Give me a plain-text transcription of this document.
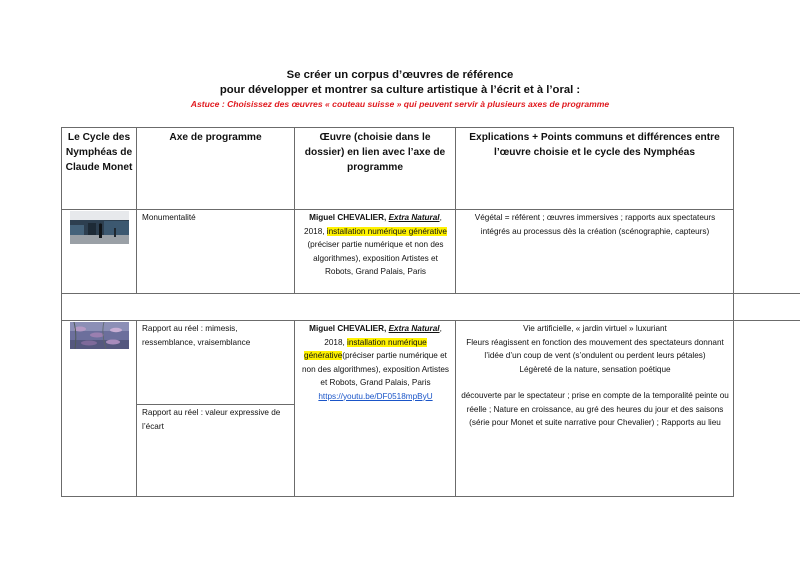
Se créer un corpus d’œuvres de référence
pour développer et montrer sa culture artistique à l’écrit et à l’oral :
Astuce : Choisissez des œuvres « couteau suisse » qui peuvent servir à plusieurs axes de programme
Le Cycle des Nymphéas de Claude Monet
Axe de programme	Œuvre (choisie dans le dossier) en lien avec l’axe de programme
Explications + Points communs et différences entre l’œuvre choisie et le cycle des Nymphéas
Monumentalité	Miguel CHEVALIER, Extra Natural, 2018, installation numérique générative (préciser partie numérique et non des algorithmes), exposition Artistes et Robots, Grand Palais, Paris
Végétal = référent ; œuvres immersives ; rapports aux spectateurs intégrés au processus dès la création (scénographie, capteurs)
Rapport au réel : mimesis, ressemblance, vraisemblance
Rapport au réel : valeur expressive de l’écart
Miguel CHEVALIER, Extra Natural, 2018, installation numérique générative(préciser partie numérique et non des algorithmes), exposition Artistes et Robots, Grand Palais, Paris
https://youtu.be/DF0518mpByU
Vie artificielle, « jardin virtuel » luxuriant
Fleurs réagissent en fonction des mouvement des spectateurs donnant l’idée d’un coup de vent (s’ondulent ou perdent leurs pétales)
Légèreté de la nature, sensation poétique
découverte par le spectateur ; prise en compte de la temporalité peinte ou réelle ; Nature en croissance, au gré des heures du jour et des saisons (série pour Monet et suite narrative pour Chevalier) ; Rapports au lieu
